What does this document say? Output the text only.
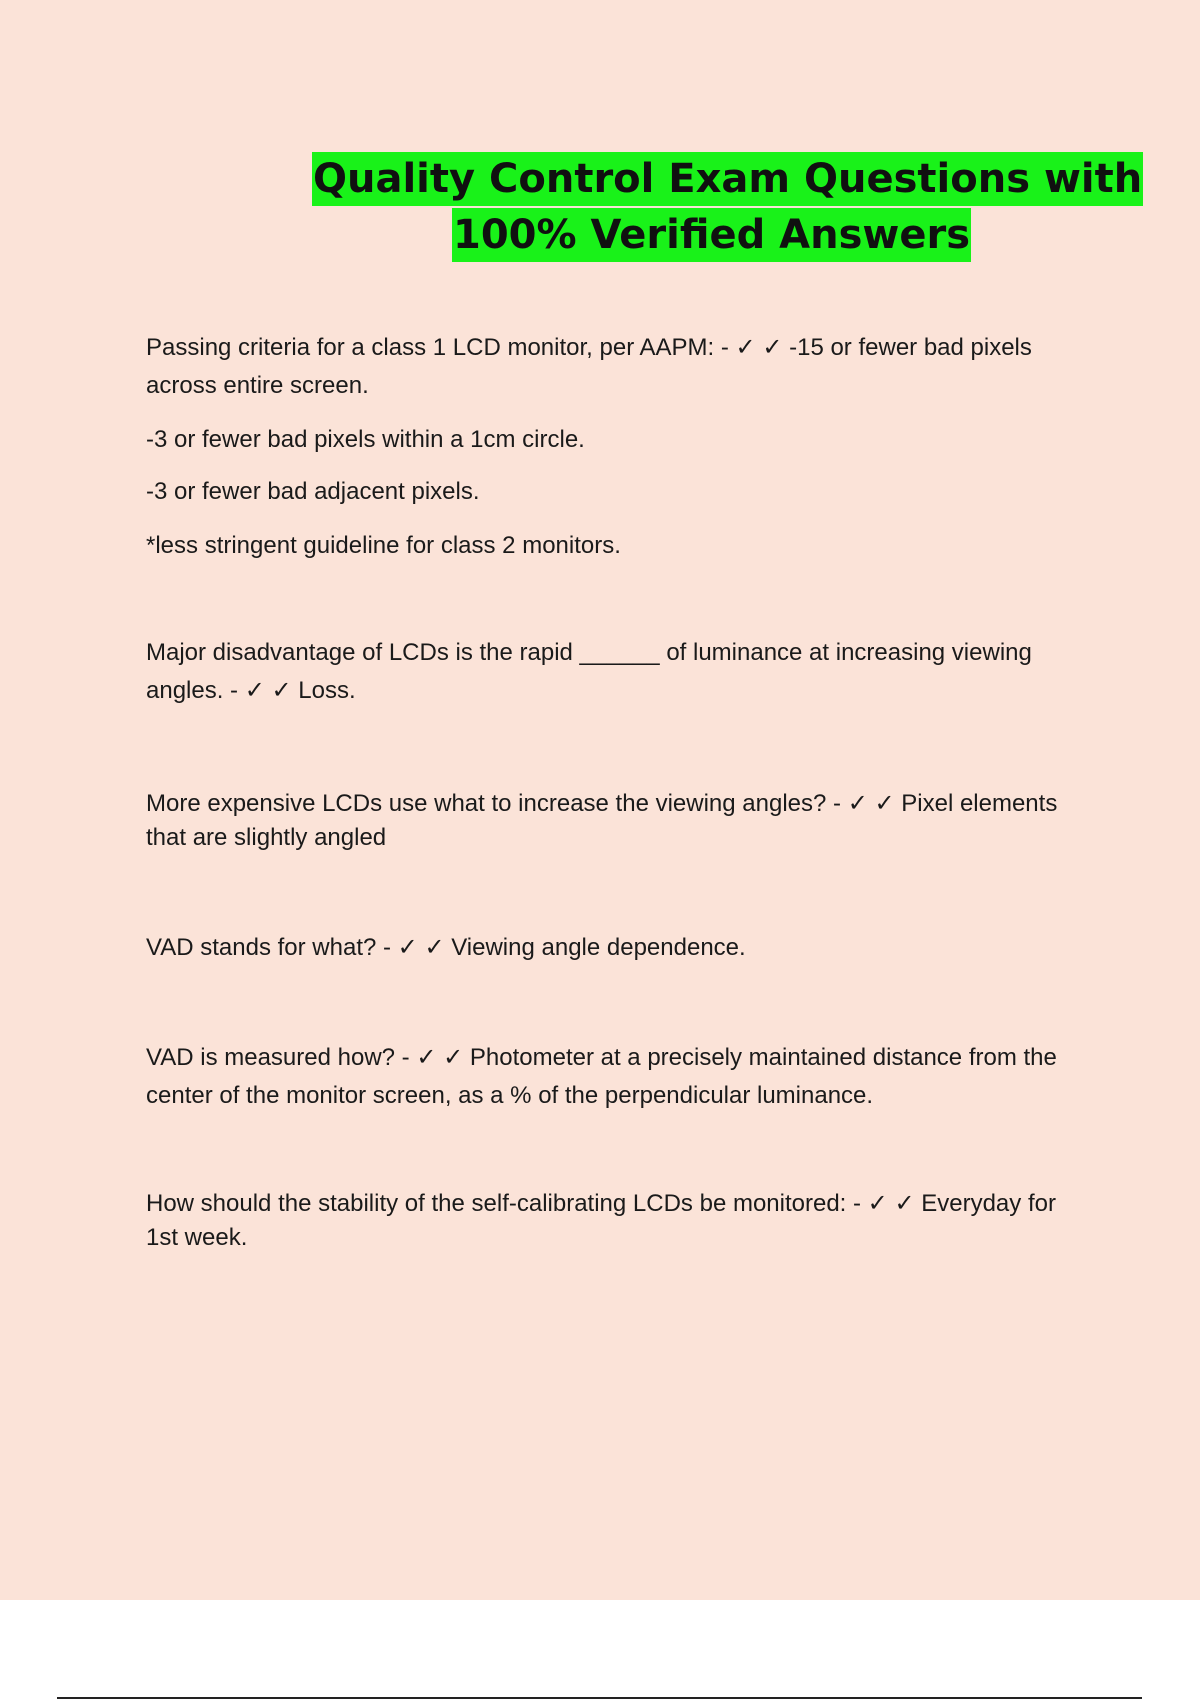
Quality Control Exam Questions with
100% Verified Answers

Passing criteria for a class 1 LCD monitor, per AAPM: - ✓ ✓ -15 or fewer bad pixels across entire screen.

-3 or fewer bad pixels within a 1cm circle.

-3 or fewer bad adjacent pixels.

*less stringent guideline for class 2 monitors.

Major disadvantage of LCDs is the rapid ______ of luminance at increasing viewing angles. - ✓ ✓ Loss.

More expensive LCDs use what to increase the viewing angles? - ✓ ✓ Pixel elements that are slightly angled

VAD stands for what? - ✓ ✓ Viewing angle dependence.

VAD is measured how? - ✓ ✓ Photometer at a precisely maintained distance from the center of the monitor screen, as a % of the perpendicular luminance.

How should the stability of the self-calibrating LCDs be monitored: - ✓ ✓ Everyday for 1st week.
